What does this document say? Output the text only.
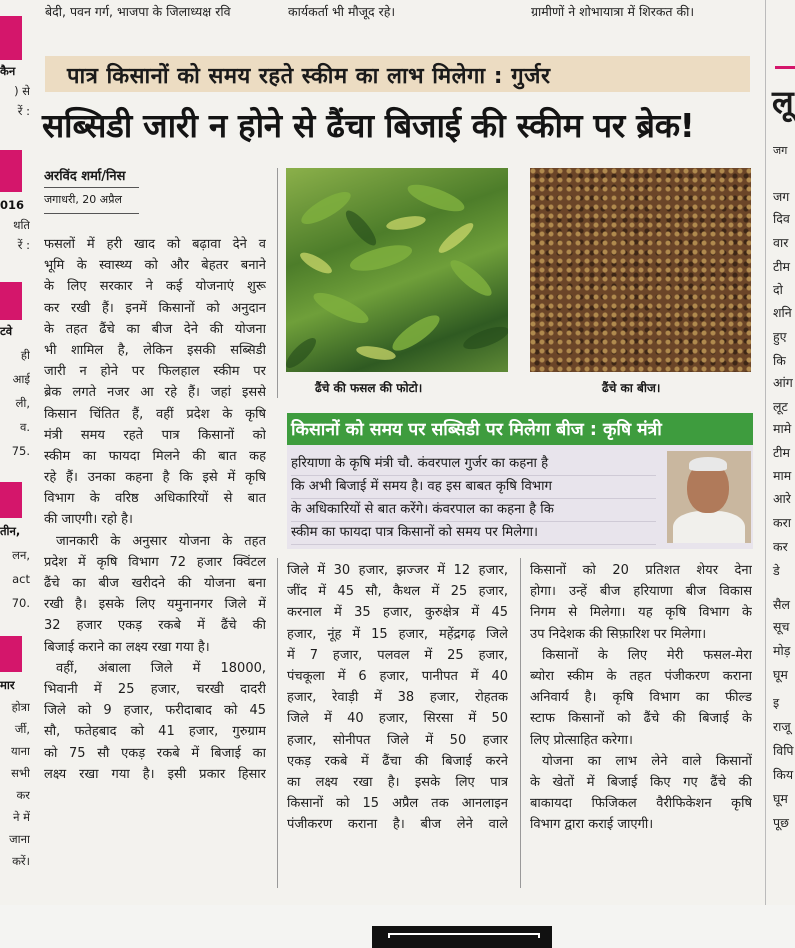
बेदी, पवन गर्ग, भाजपा के जिलाध्यक्ष रवि	कार्यकर्ता भी मौजूद रहे।	ग्रामीणों ने शोभायात्रा में शिरकत की।
कैन
) से
रें :
016
थति
रें :
टवे
ही
आई
ली,
व.
75.
तीन,
लन,
act
70.
मार
होत्रा
र्जी,
याना
सभी
कर
ने में
जाना
करें।
पात्र किसानों को समय रहते स्कीम का लाभ मिलेगा : गुर्जर
सब्सिडी जारी न होने से ढैंचा बिजाई की स्कीम पर ब्रेक!
अरविंद शर्मा/निस
जगाधरी, 20 अप्रैल
ढैंचे की फसल की फोटो।	ढैंचे का बीज।
फसलों में हरी खाद को बढ़ावा देने व
भूमि के स्वास्थ्य को और बेहतर बनाने
के लिए सरकार ने कई योजनाएं शुरू
कर रखी हैं। इनमें किसानों को अनुदान
के तहत ढैंचे का बीज देने की योजना
भी शामिल है, लेकिन इसकी सब्सिडी
जारी न होने पर फिलहाल स्कीम पर
ब्रेक लगते नजर आ रहे हैं। जहां इससे
किसान चिंतित हैं, वहीं प्रदेश के कृषि
मंत्री समय रहते पात्र किसानों को
स्कीम का फायदा मिलने की बात कह
रहे हैं। उनका कहना है कि इसे में कृषि
विभाग के वरिष्ठ अधिकारियों से बात
की जाएगी। रहो है।
जानकारी के अनुसार योजना के तहत
प्रदेश में कृषि विभाग 72 हजार क्विंटल
ढैंचे का बीज खरीदने की योजना बना
रखी है। इसके लिए यमुनानगर जिले में
32 हजार एकड़ रकबे में ढैंचे की
बिजाई कराने का लक्ष्य रखा गया है।
वहीं, अंबाला जिले में 18000,
भिवानी में 25 हजार, चरखी दादरी
जिले को 9 हजार, फरीदाबाद को 45
सौ, फतेहबाद को 41 हजार, गुरुग्राम
को 75 सौ एकड़ रकबे में बिजाई का
लक्ष्य रखा गया है। इसी प्रकार हिसार
किसानों को समय पर सब्सिडी पर मिलेगा बीज : कृषि मंत्री
हरियाणा के कृषि मंत्री चौ. कंवरपाल गुर्जर का कहना है
कि अभी बिजाई में समय है। वह इस बाबत कृषि विभाग
के अधिकारियों से बात करेंगे। कंवरपाल का कहना है कि
स्कीम का फायदा पात्र किसानों को समय पर मिलेगा।
जिले में 30 हजार, झज्जर में 12 हजार,
जींद में 45 सौ, कैथल में 25 हजार,
करनाल में 35 हजार, कुरुक्षेत्र में 45
हजार, नूंह में 15 हजार, महेंद्रगढ़ जिले
में 7 हजार, पलवल में 25 हजार,
पंचकूला में 6 हजार, पानीपत में 40
हजार, रेवाड़ी में 38 हजार, रोहतक
जिले में 40 हजार, सिरसा में 50
हजार, सोनीपत जिले में 50 हजार
एकड़ रकबे में ढैंचा की बिजाई करने
का लक्ष्य रखा है। इसके लिए पात्र
किसानों को 15 अप्रैल तक आनलाइन
पंजीकरण कराना है। बीज लेने वाले
किसानों को 20 प्रतिशत शेयर देना
होगा। उन्हें बीज हरियाणा बीज विकास
निगम से मिलेगा। यह कृषि विभाग के
उप निदेशक की सिफ़ारिश पर मिलेगा।
किसानों के लिए मेरी फसल-मेरा
ब्योरा स्कीम के तहत पंजीकरण कराना
अनिवार्य है। कृषि विभाग का फील्ड
स्टाफ किसानों को ढैंचे की बिजाई के
लिए प्रोत्साहित करेगा।
योजना का लाभ लेने वाले किसानों
के खेतों में बिजाई किए गए ढैंचे की
बाकायदा फिजिकल वैरीफिकेशन कृषि
विभाग द्वारा कराई जाएगी।
लू
जग
जग
दिव
वार
टीम
दो
शनि
हुए
कि
आंग
लूट
मामे
टीम
माम
आरे
करा
कर
डे
सैल
सूच
मोड़
घूम
इ
राजू
विपि
किय
घूम
पूछ
